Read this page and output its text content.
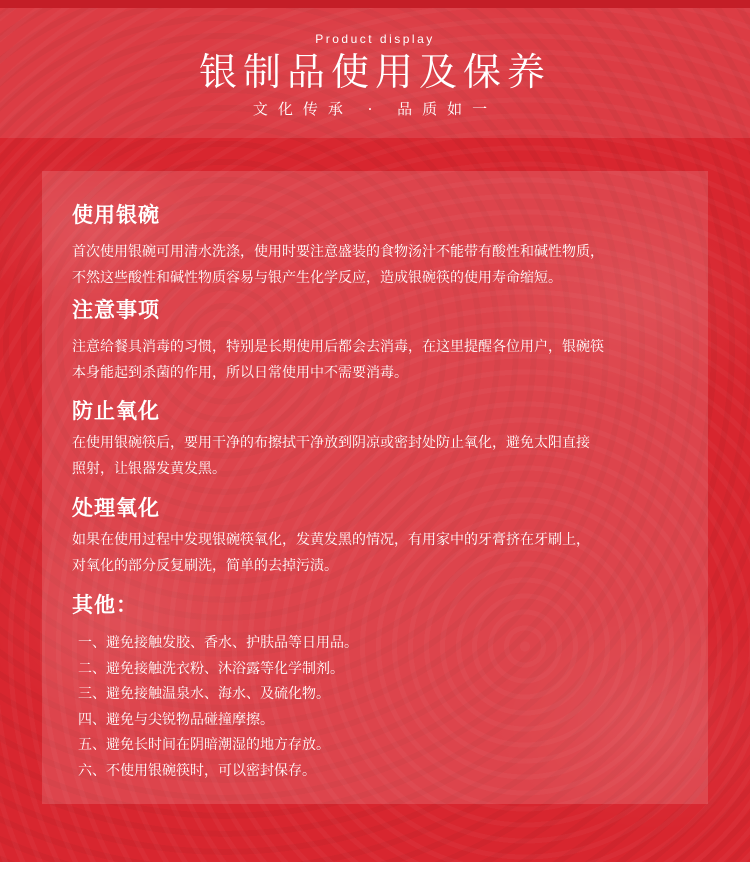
Product display
银制品使用及保养
文化传承 · 品质如一
使用银碗
首次使用银碗可用清水洗涤，使用时要注意盛装的食物汤汁不能带有酸性和碱性物质，
不然这些酸性和碱性物质容易与银产生化学反应，造成银碗筷的使用寿命缩短。
注意事项
注意给餐具消毒的习惯，特别是长期使用后都会去消毒，在这里提醒各位用户，银碗筷
本身能起到杀菌的作用，所以日常使用中不需要消毒。
防止氧化
在使用银碗筷后，要用干净的布擦拭干净放到阴凉或密封处防止氧化，避免太阳直接
照射，让银器发黄发黑。
处理氧化
如果在使用过程中发现银碗筷氧化，发黄发黑的情况，有用家中的牙膏挤在牙刷上，
对氧化的部分反复刷洗，简单的去掉污渍。
其他：
一、避免接触发胶、香水、护肤品等日用品。
二、避免接触洗衣粉、沐浴露等化学制剂。
三、避免接触温泉水、海水、及硫化物。
四、避免与尖锐物品碰撞摩擦。
五、避免长时间在阴暗潮湿的地方存放。
六、不使用银碗筷时，可以密封保存。
